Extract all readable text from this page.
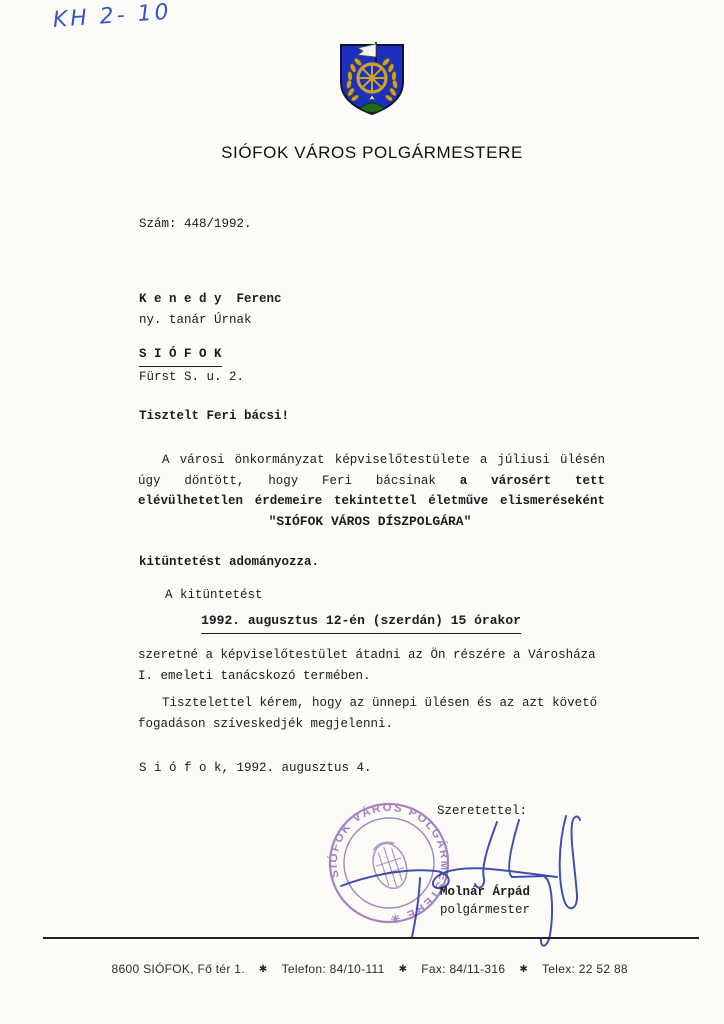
KH 2- 10
SIÓFOK VÁROS POLGÁRMESTERE
Szám: 448/1992.
K e n e d y  Ferenc
ny. tanár Úrnak
S I Ó F O K
Fürst S. u. 2.
Tisztelt Feri bácsi!
A városi önkormányzat képviselőtestülete a júliusi ülésén
úgy döntött, hogy Feri bácsinak a városért tett
elévülhetetlen érdemeire tekintettel életműve elismeréseként
"SIÓFOK VÁROS DÍSZPOLGÁRA"
kitüntetést adományozza.
A kitüntetést
1992. augusztus 12-én (szerdán) 15 órakor
szeretné a képviselőtestület átadni az Ön részére a Városháza
I. emeleti tanácskozó termében.
Tisztelettel kérem, hogy az ünnepi ülésen és az azt követő
fogadáson szíveskedjék megjelenni.
S i ó f o k, 1992. augusztus 4.
Szeretettel:
SIÓFOK VÁROS POLGÁRMESTERE ✳
Molnár Árpád
polgármester

8600 SIÓFOK, Fő tér 1. ✱ Telefon: 84/10-111 ✱ Fax: 84/11-316 ✱ Telex: 22 52 88
